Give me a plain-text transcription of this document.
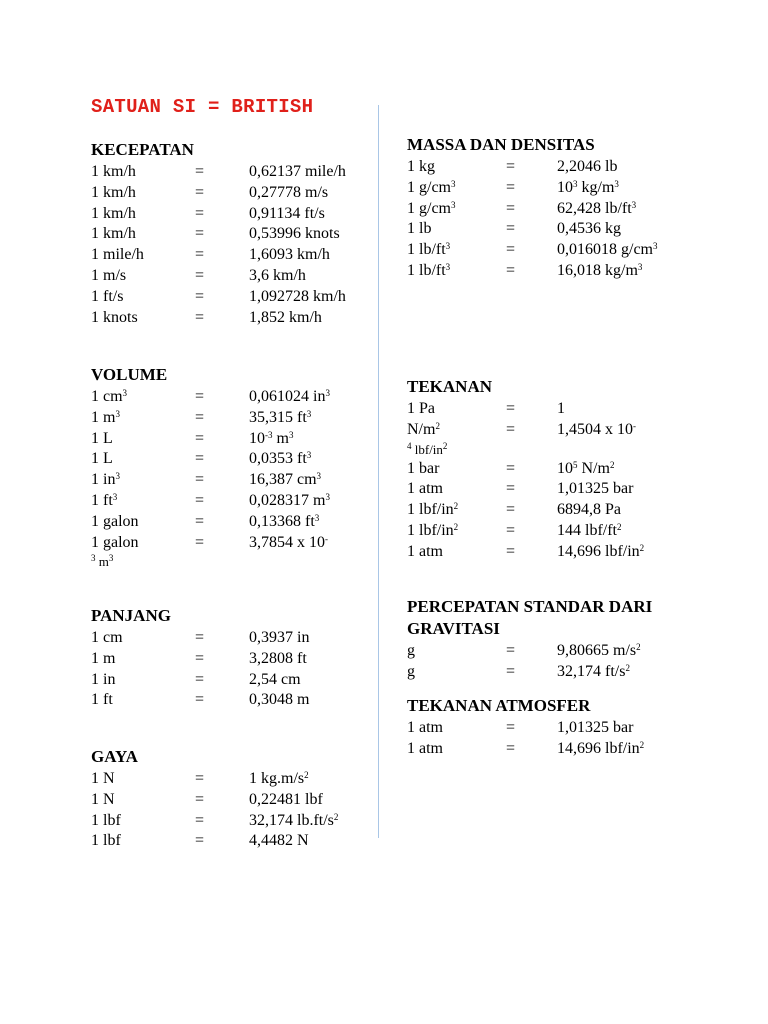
SATUAN SI = BRITISH
KECEPATAN
1 km/h	=	0,62137 mile/h
1 km/h	=	0,27778 m/s
1 km/h	=	0,91134 ft/s
1 km/h	=	0,53996 knots
1 mile/h	=	1,6093 km/h
1 m/s	=	3,6 km/h
1 ft/s	=	1,092728 km/h
1 knots	=	1,852 km/h
VOLUME
1 $cm^3$	=	0,061024 $in^3$
1 $m^3$	=	35,315 $ft^3$
1 L	=	$10^{-3}$ $m^3$
1 L	=	0,0353 $ft^3$
1 $in^3$	=	16,387 $cm^3$
1 $ft^3$	=	0,028317 $m^3$
1 galon	=	0,13368 $ft^3$
1 galon	=	3,7854 x 10-
$^3$ $m^3$
PANJANG
1 cm	=	0,3937 in
1 m	=	3,2808 ft
1 in	=	2,54 cm
1 ft	=	0,3048 m
GAYA
1 N	=	1 $kg.m/s^2$
1 N	=	0,22481 lbf
1 lbf	=	32,174 $lb.ft/s^2$
1 lbf	=	4,4482 N
MASSA DAN DENSITAS
1 kg	=	2,2046 lb
1 $g/cm^3$	=	$10^3$ $kg/m^3$
1 $g/cm^3$	=	62,428 $lb/ft^3$
1 lb	=	0,4536 kg
1 $lb/ft^3$	=	0,016018 $g/cm^3$
1 $lb/ft^3$	=	16,018 $kg/m^3$
TEKANAN
1 Pa	=	1
$N/m^2$	=	1,4504 x 10-
$^4$ lbf/$in^2$
1 bar	=	$10^5$ $N/m^2$
1 atm	=	1,01325 bar
1 lbf/$in^2$	=	6894,8 Pa
1 lbf/$in^2$	=	144 lbf/$ft^2$
1 atm	=	14,696 lbf/$in^2$
PERCEPATAN STANDAR DARI
GRAVITASI
g	=	9,80665 $m/s^2$
g	=	32,174 $ft/s^2$
TEKANAN ATMOSFER
1 atm	=	1,01325 bar
1 atm	=	14,696 lbf/$in^2$
